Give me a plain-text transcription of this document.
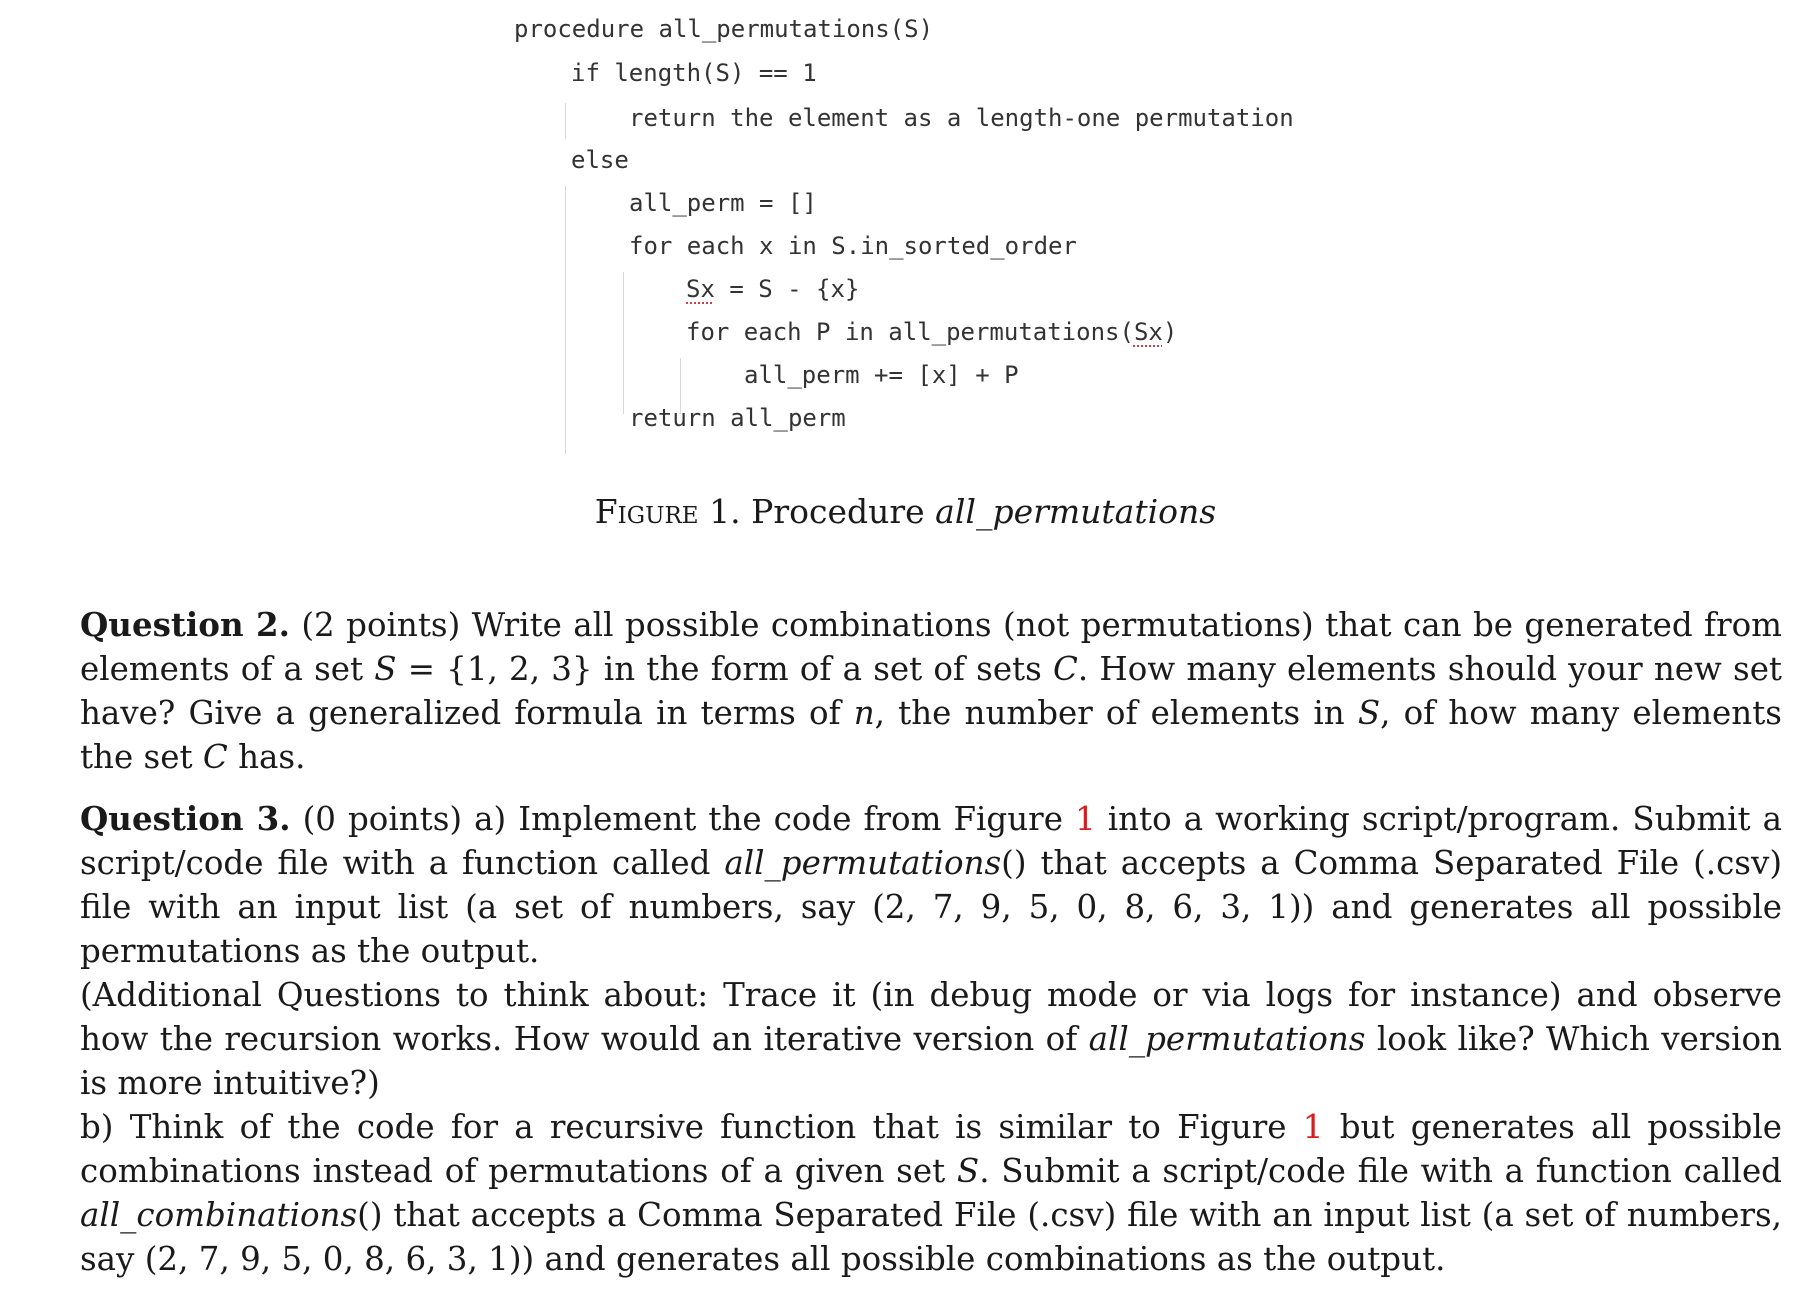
procedure all_permutations(S)
if length(S) == 1
return the element as a length-one permutation
else
all_perm = []
for each x in S.in_sorted_order
Sx = S - {x}
for each P in all_permutations(Sx)
all_perm += [x] + P
return all_perm
Figure 1. Procedure all_permutations
Question 2. (2 points) Write all possible combinations (not permutations) that can be generated from elements of a set S = {1, 2, 3} in the form of a set of sets C. How many elements should your new set have? Give a generalized formula in terms of n, the number of elements in S, of how many elements the set C has.
Question 3. (0 points) a) Implement the code from Figure 1 into a working script/program. Submit a script/code file with a function called all_permutations() that accepts a Comma Separated File (.csv) file with an input list (a set of numbers, say (2, 7, 9, 5, 0, 8, 6, 3, 1)) and generates all possible permutations as the output.
(Additional Questions to think about: Trace it (in debug mode or via logs for instance) and observe how the recursion works. How would an iterative version of all_permutations look like? Which version is more intuitive?)
b) Think of the code for a recursive function that is similar to Figure 1 but generates all possible combinations instead of permutations of a given set S. Submit a script/code file with a function called all_combinations() that accepts a Comma Separated File (.csv) file with an input list (a set of numbers, say (2, 7, 9, 5, 0, 8, 6, 3, 1)) and generates all possible combinations as the output.
